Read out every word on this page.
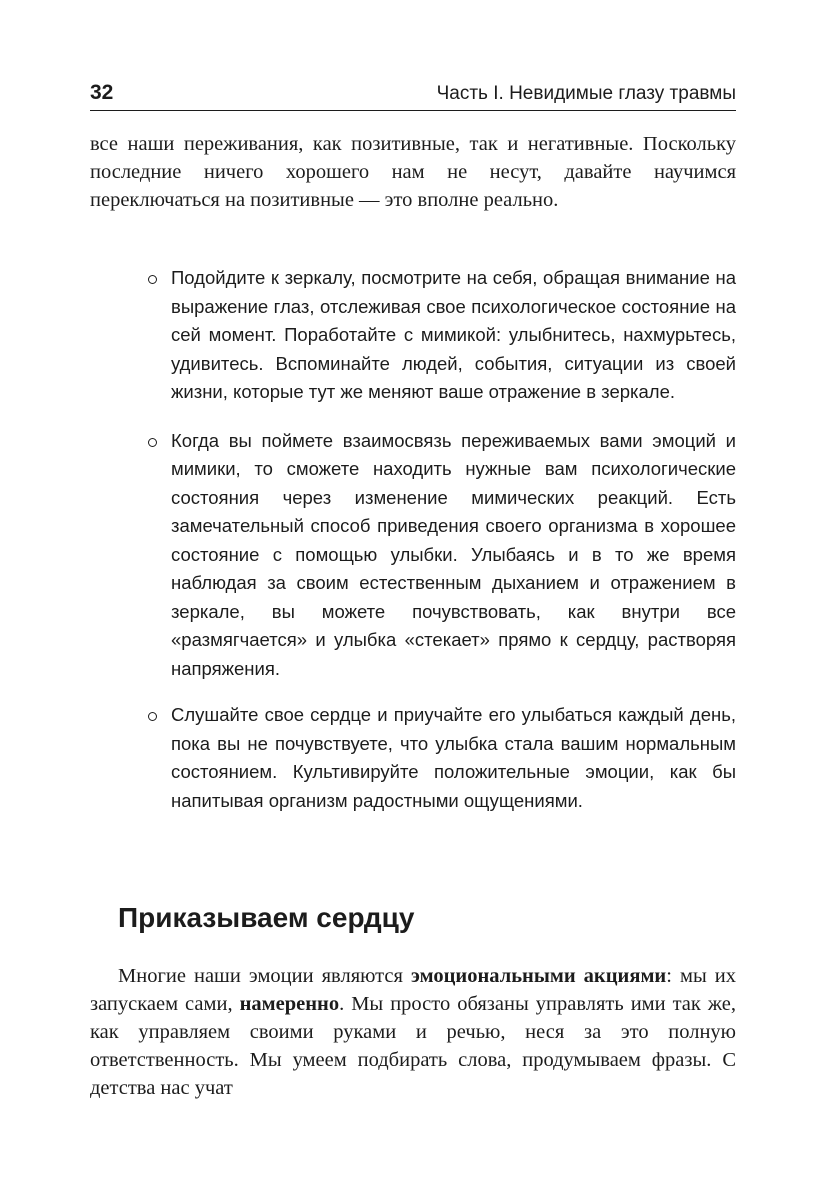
32	Часть I. Невидимые глазу травмы

все наши переживания, как позитивные, так и негативные. Поскольку последние ничего хорошего нам не несут, давайте научимся переключаться на позитивные — это вполне реально.

Подойдите к зеркалу, посмотрите на себя, обращая внимание на выражение глаз, отслеживая свое психологическое состояние на сей момент. Поработайте с мимикой: улыбнитесь, нахмурьтесь, удивитесь. Вспоминайте людей, события, ситуации из своей жизни, которые тут же меняют ваше отражение в зеркале.
Когда вы поймете взаимосвязь переживаемых вами эмоций и мимики, то сможете находить нужные вам психологические состояния через изменение мимических реакций. Есть замечательный способ приведения своего организма в хорошее состояние с помощью улыбки. Улыбаясь и в то же время наблюдая за своим естественным дыханием и отражением в зеркале, вы можете почувствовать, как внутри все «размягчается» и улыбка «стекает» прямо к сердцу, растворяя напряжения.
Слушайте свое сердце и приучайте его улыбаться каждый день, пока вы не почувствуете, что улыбка стала вашим нормальным состоянием. Культивируйте положительные эмоции, как бы напитывая организм радостными ощущениями.
Приказываем сердцу

Многие наши эмоции являются эмоциональными акциями: мы их запускаем сами, намеренно. Мы просто обязаны управлять ими так же, как управляем своими руками и речью, неся за это полную ответственность. Мы умеем подбирать слова, продумываем фразы. С детства нас учат
